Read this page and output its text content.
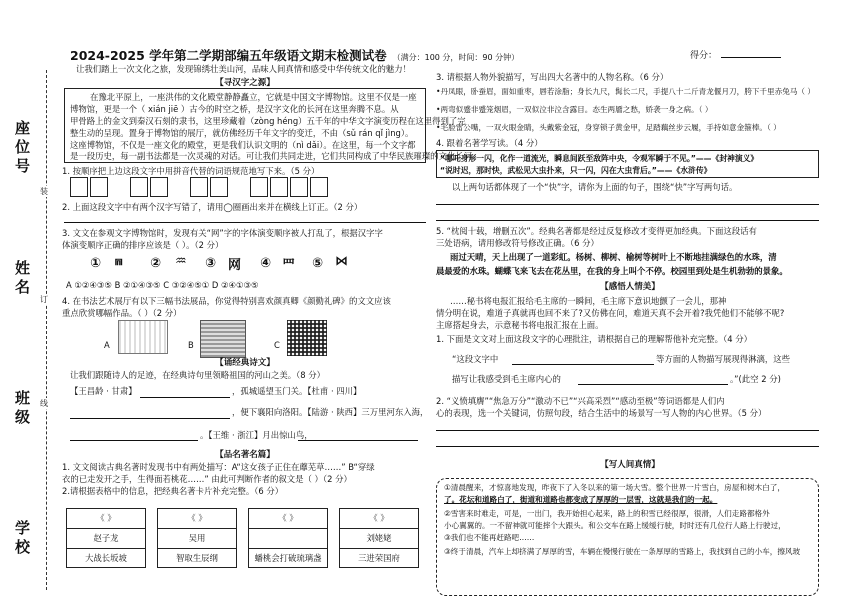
座位号
姓名
班级
学校
装
订
线
2024-2025 学年第二学期部编五年级语文期末检测试卷 （满分：100 分，时间：90 分钟）	得分：
让我们踏上一次文化之旅，发现锦绣壮美山河，品味人间真情和感受中华传统文化的魅力！
【寻汉字之源】
在豫北平原上，一座洪伟的文化殿堂静静矗立，它就是中国文字博物馆。这里不仅是一座
博物馆，更是一个（ xián jiē ）古今的时空之桥，是汉字文化的长河在这里奔腾不息。从
甲骨路上的金文到秦汉石刻的隶书，这里珍藏着（zòng héng）五千年的中华文字演变历程在这里得到了完
整生动的呈现。置身于博物馆的展厅，就仿佛经历千年文字的变迁，不由（sǔ rán qǐ jìng）。
这座博物馆，不仅是一座文化的殿堂，更是我们认识文明的（nì dǎi）。在这里，每一个文字都
是一段历史，每一副书法都是一次灵魂的对话。可让我们共同走进，它们共同构成了中华民族璀璨的文化长河。
1. 按顺序把上边这段文字中用拼音代替的词语规范地写下来。（5 分）
2. 上面这段文字中有两个汉字写错了，请用◯圈画出来并在横线上订正。（2 分）
3. 文文在参观文字博物馆时，发现有关“网”字的字体演变顺序被人打乱了，根据汉字字
体演变顺序正确的排序应该是（ ）。（2 分）
① ⩎ ② ♒ ③ 网 ④ 罒 ⑤ ⋈
A ①②④③⑤ B ②①④③⑤ C ③②④⑤① D ②④①③⑤
4. 在书法艺术展厅有以下三幅书法展品，你觉得特别喜欢颜真卿《颜勤礼碑》的文文应该
重点欣赏哪幅作品。（ ）（2 分）
A	B	C
【诵经典诗文】
让我们跟随诗人的足迹，在经典诗句里领略祖国的河山之美。（8 分）
【王昌龄 · 甘肃】	，孤城遥望玉门关。【杜甫 · 四川】
，便下襄阳向洛阳。【陆游 · 陕西】三万里河东入海，
。【王维 · 浙江】月出惊山鸟，
【品名著名篇】
1. 文文阅读古典名著时发现书中有两处描写：A“这女孩子正住在蘼芜草……” B“穿绿
衣的已走发开之手，生得面若桃花……” 由此可判断作者的叙文是（ ）（2 分）
2.请根据表格中的信息，把经典名著卡片补充完整。（6 分）
《 》
赵子龙
大战长坂坡
《 》
吴用
智取生辰纲
《 》
蟠桃会打破琉璃盏
《 》
刘姥姥
三进荣国府
3. 请根据人物外貌描写，写出四大名著中的人物名称。（6 分）
•丹凤眼，卧蚕眉，面如重枣，唇若涂脂；身长九尺，髯长二尺，手提八十二斤青龙偃月刀，胯下千里赤兔马（ ）
•两弯似蹙非蹙笼烟眉，一双似泣非泣含露目。态生两靥之愁，娇袭一身之病。（ ）
•毛脸雷公嘴，一双火眼金睛，头戴紫金冠，身穿锁子黄金甲，足踏藕丝步云履，手持如意金箍棒。（ ）
4. 跟着名著学写读。（4 分）
“哪吒身形一闪，化作一道流光，瞬息间跃至敌阵中央，令观军瞬于不见。”——《封神演义》
“说时迟，那时快，武松见大虫扑来，只一闪，闪在大虫背后。”——《水浒传》
以上两句话都体现了一个“快”字，请你为上面的句子，围绕“快”字写两句话。
5. “枕阅十载，增删五次”。经典名著都是经过反复修改才变得更加经典。下面这段话有
三处语病，请用修改符号修改正确。（6 分）
雨过天晴，天上出现了一道彩虹。杨树、柳树、榆树等树叶上不断地挂满绿色的水珠，清
晨最爱的水珠。蝴蝶飞来飞去在花丛里，在我的身上叫个不停。校园里到处是生机勃勃的景象。
【感悟人情美】
……秘书将电报汇报给毛主席的一瞬间，毛主席下意识地颤了一会儿，那神
情分明在说，难道子真就再也回不来了?又仿佛在问，难道天真不会开着?我凭他们不能够不呢?
主席搭起身去，示意秘书将电报汇报在上面。
1. 下面是文文对上面这段文字的心理批注，请根据自己的理解帮他补充完整。（4 分）
“这段文字中	等方面的人物描写展现得淋漓，这些
描写让我感受到毛主席内心的	。”(此空 2 分)
2. “义愤填膺”“焦急万分”“激动不已”“兴高采烈”“感动至极”等词语都是人们内
心的表现，选一个关键词，仿照句段，结合生活中的场景写一写人物的内心世界。（5 分）
【写人间真情】
①清晨醒来，才惊喜地发现，昨夜下了入冬以来的第一场大雪。整个世界一片雪白，房屋和树木白了，
了。花坛和道路白了，街道和道路也都变成了厚厚的一层雪，这就是我们的一起。
②雪害来时难走，可是，一出门，我开始担心起来，路上的积雪已经很厚，很滑，人们走路都格外
小心翼翼的。一不留神就可能摔个大跟头。和公交车在路上缓缓行驶，时时还有几位行人路上行驶过，
③我们也不能再赶路吧……
③终于清晨，汽车上却挤满了厚厚的雪，车辆在慢慢行驶在一条厚厚的雪路上，我找到自己的小车，擦风玻
